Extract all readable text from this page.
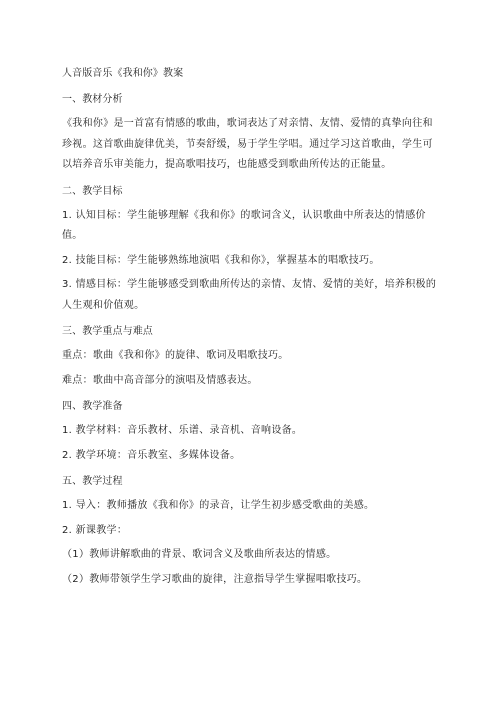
人音版音乐《我和你》教案
一、教材分析
《我和你》是一首富有情感的歌曲，歌词表达了对亲情、友情、爱情的真挚向往和珍视。这首歌曲旋律优美，节奏舒缓，易于学生学唱。通过学习这首歌曲，学生可以培养音乐审美能力，提高歌唱技巧，也能感受到歌曲所传达的正能量。
二、教学目标
1. 认知目标：学生能够理解《我和你》的歌词含义，认识歌曲中所表达的情感价值。
2. 技能目标：学生能够熟练地演唱《我和你》，掌握基本的唱歌技巧。
3. 情感目标：学生能够感受到歌曲所传达的亲情、友情、爱情的美好，培养积极的人生观和价值观。
三、教学重点与难点
重点：歌曲《我和你》的旋律、歌词及唱歌技巧。
难点：歌曲中高音部分的演唱及情感表达。
四、教学准备
1. 教学材料：音乐教材、乐谱、录音机、音响设备。
2. 教学环境：音乐教室、多媒体设备。
五、教学过程
1. 导入：教师播放《我和你》的录音，让学生初步感受歌曲的美感。
2. 新课教学：
（1）教师讲解歌曲的背景、歌词含义及歌曲所表达的情感。
（2）教师带领学生学习歌曲的旋律，注意指导学生掌握唱歌技巧。
